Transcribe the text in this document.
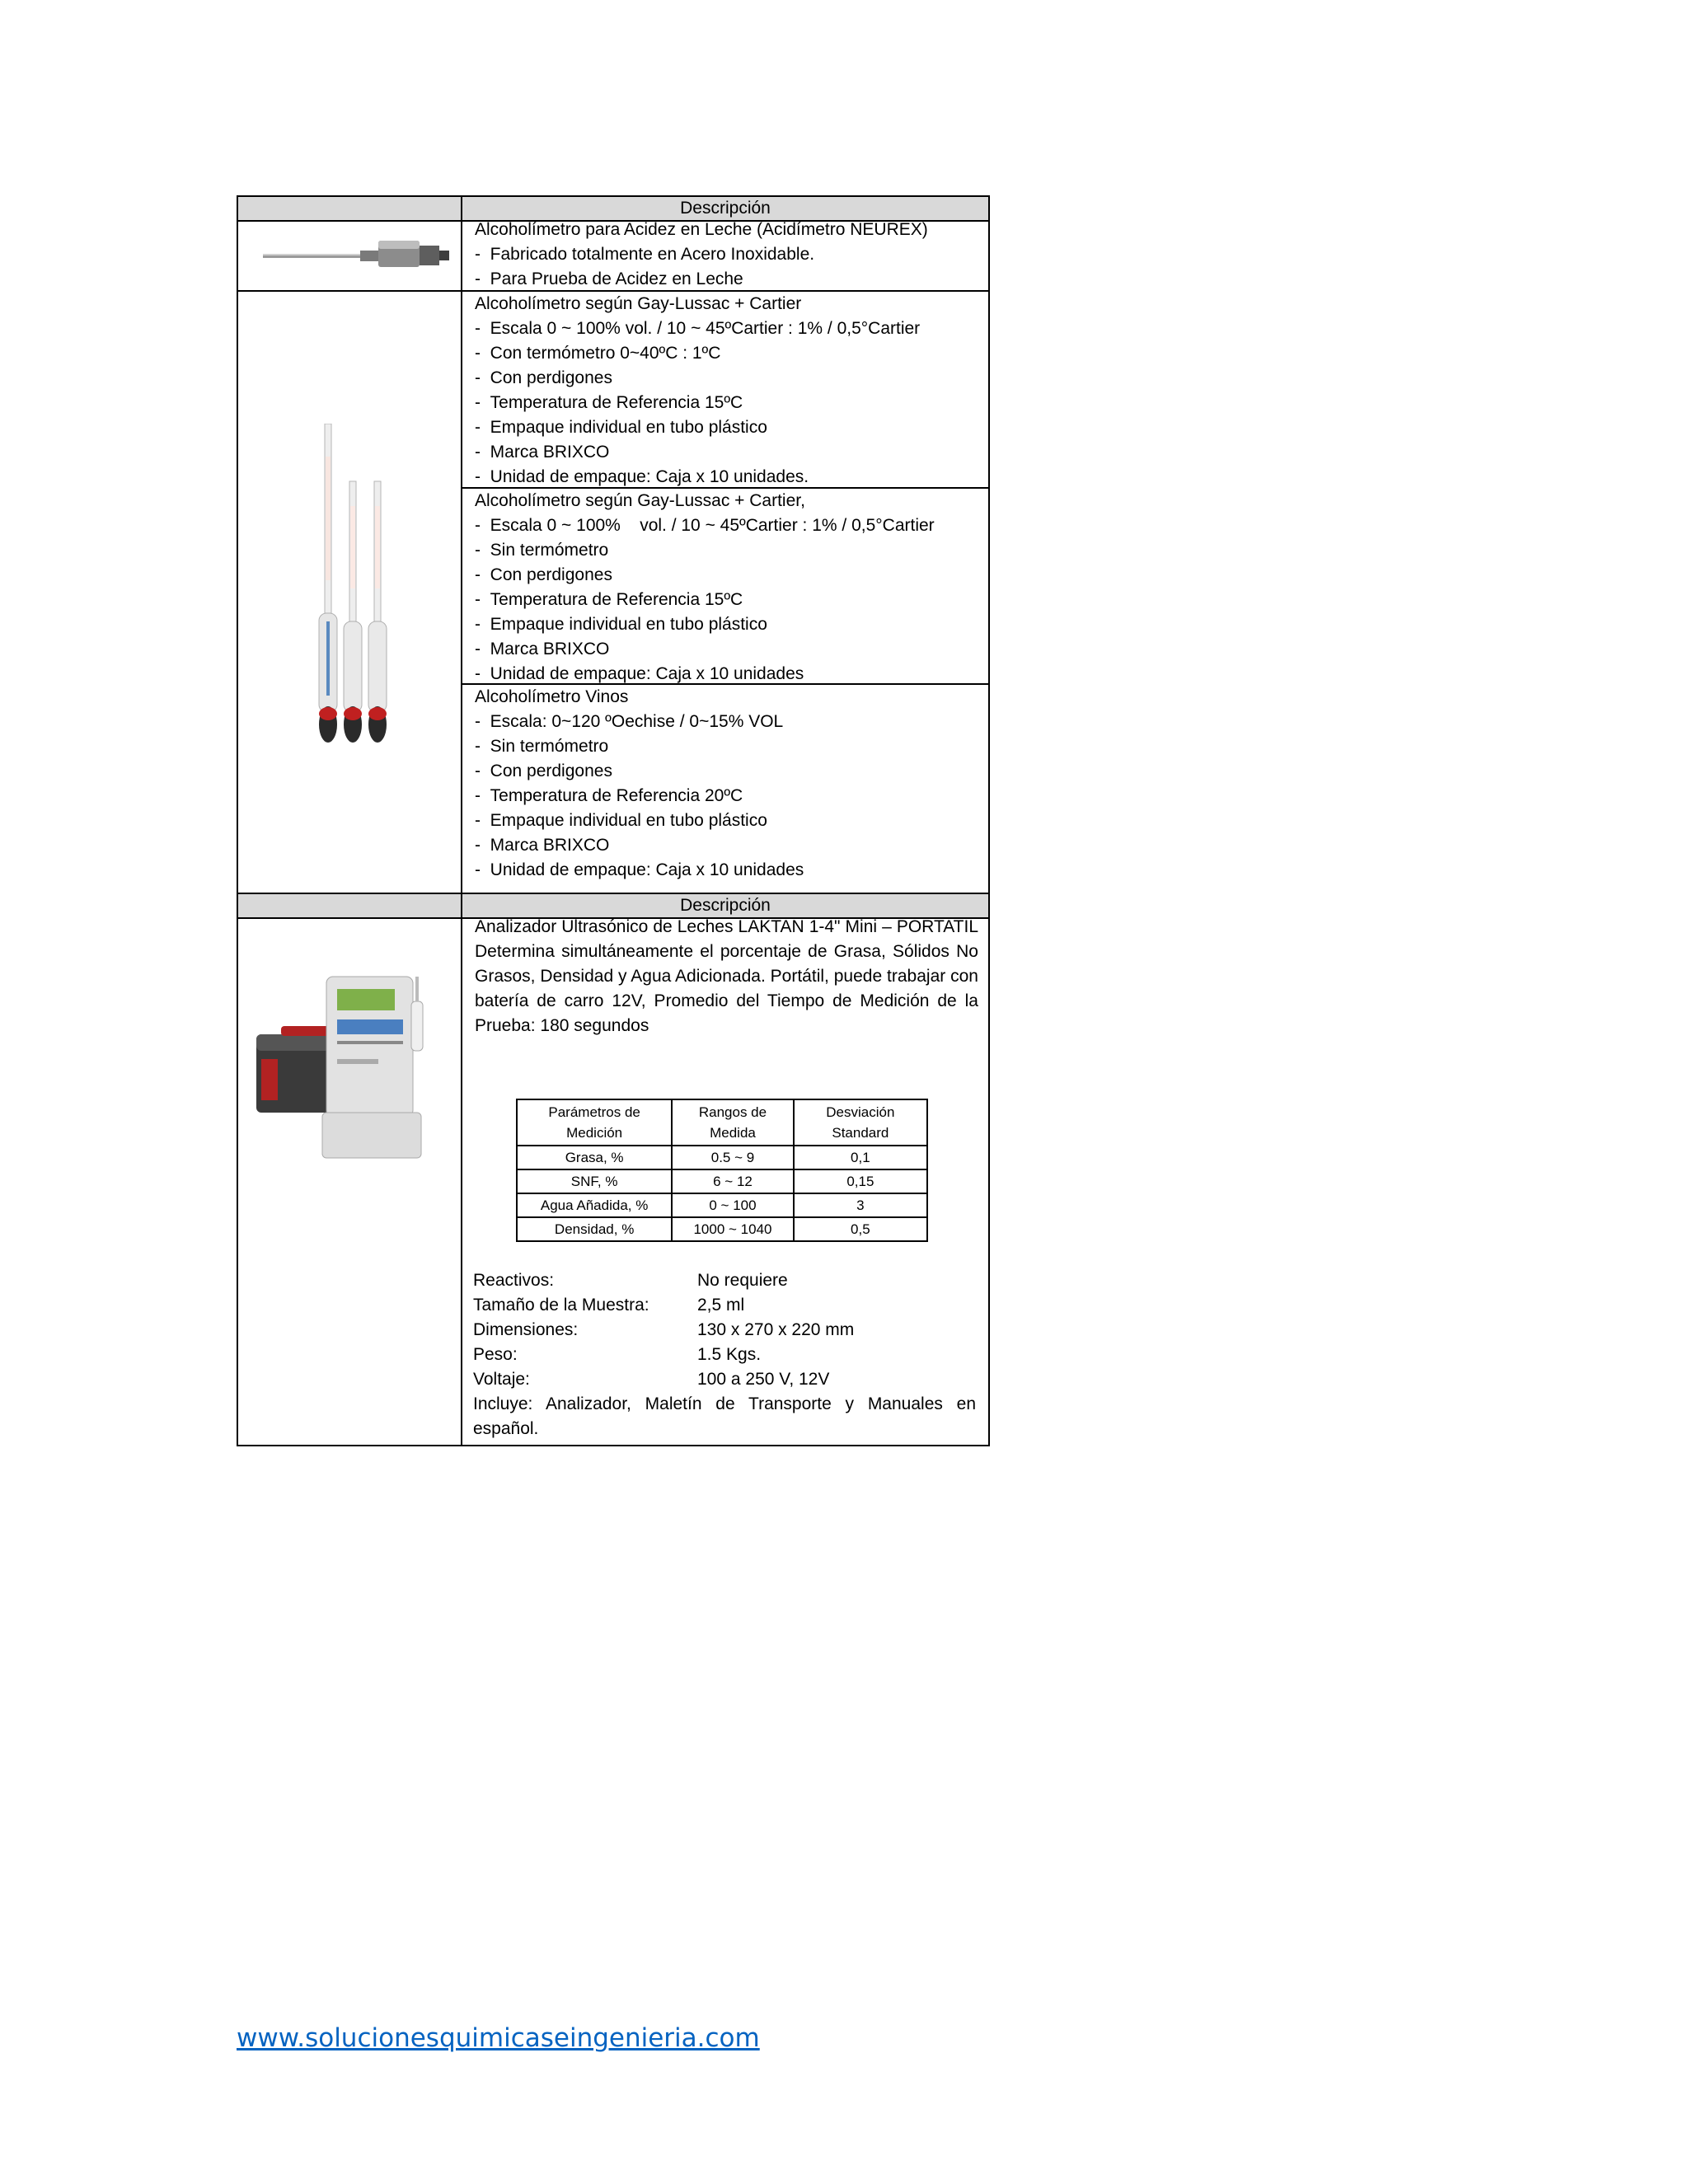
Descripción
Alcoholímetro para Acidez en Leche (Acidímetro NEUREX)
-  Fabricado totalmente en Acero Inoxidable.
-  Para Prueba de Acidez en Leche
Alcoholímetro según Gay-Lussac + Cartier
-  Escala 0 ~ 100% vol. / 10 ~ 45ºCartier : 1% / 0,5°Cartier
-  Con termómetro 0~40ºC : 1ºC
-  Con perdigones
-  Temperatura de Referencia 15ºC
-  Empaque individual en tubo plástico
-  Marca BRIXCO
-  Unidad de empaque: Caja x 10 unidades.
Alcoholímetro según Gay-Lussac + Cartier,
-  Escala 0 ~ 100%    vol. / 10 ~ 45ºCartier : 1% / 0,5°Cartier
-  Sin termómetro
-  Con perdigones
-  Temperatura de Referencia 15ºC
-  Empaque individual en tubo plástico
-  Marca BRIXCO
-  Unidad de empaque: Caja x 10 unidades
Alcoholímetro Vinos
-  Escala: 0~120 ºOechise / 0~15% VOL
-  Sin termómetro
-  Con perdigones
-  Temperatura de Referencia 20ºC
-  Empaque individual en tubo plástico
-  Marca BRIXCO
-  Unidad de empaque: Caja x 10 unidades
Descripción
Analizador Ultrasónico de Leches LAKTAN 1-4" Mini – PORTATIL
Determina simultáneamente el porcentaje de Grasa, Sólidos No Grasos, Densidad y Agua Adicionada. Portátil, puede trabajar con batería de carro 12V, Promedio del Tiempo de Medición de la Prueba: 180 segundos
Parámetros de Medición	Rangos de Medida	Desviación Standard
Grasa, %	0.5 ~ 9	0,1
SNF, %	6 ~ 12	0,15
Agua Añadida, %	0 ~ 100	3
Densidad, %	1000 ~ 1040	0,5
Reactivos:	No requiere
Tamaño de la Muestra:	2,5 ml
Dimensiones:	130 x 270 x 220 mm
Peso:	1.5 Kgs.
Voltaje:	100 a 250 V, 12V
Incluye: Analizador, Maletín de Transporte y Manuales en español.
www.solucionesquimicaseingenieria.com
